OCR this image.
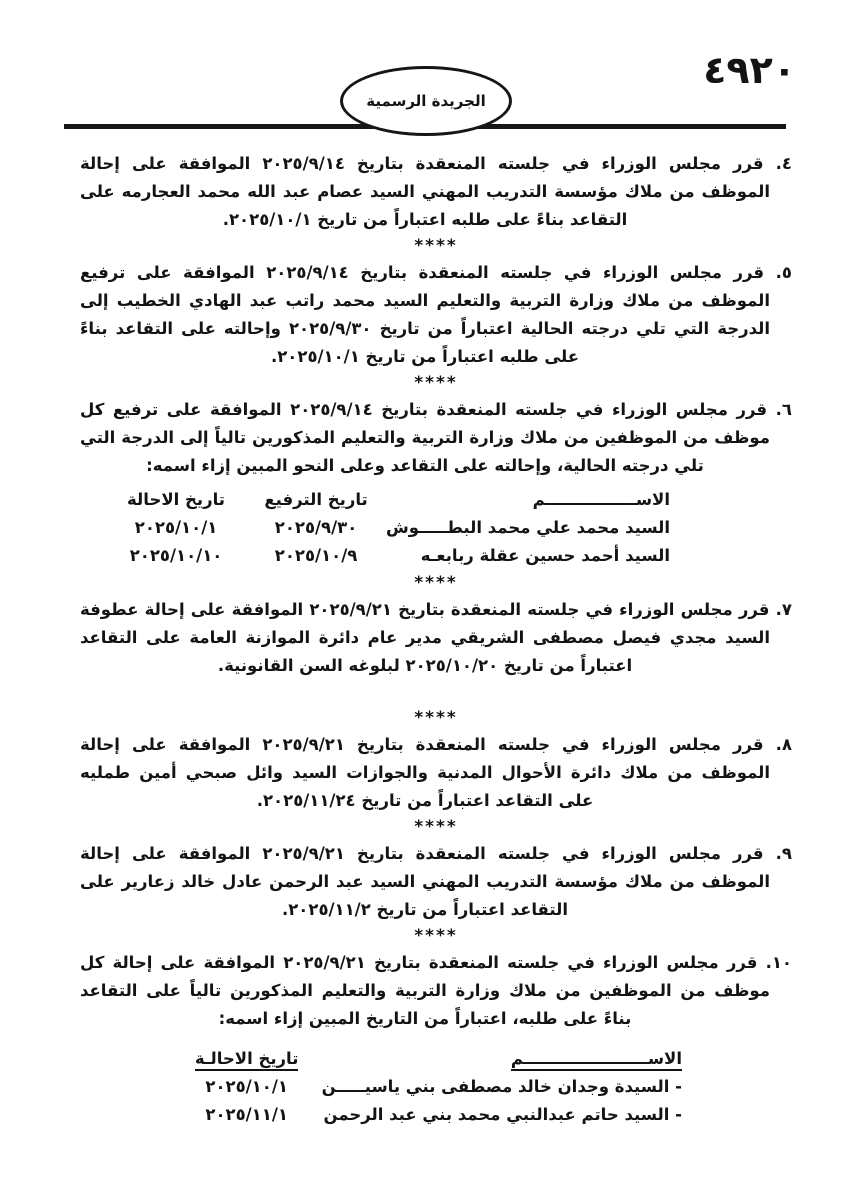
٤٩٢٠
الجريدة الرسمية

٤. قرر مجلس الوزراء في جلسته المنعقدة بتاريخ ٢٠٢٥/٩/١٤ الموافقة على إحالة الموظف من ملاك مؤسسة التدريب المهني السيد عصام عبد الله محمد العجارمه على التقاعد بناءً على طلبه اعتباراً من تاريخ ٢٠٢٥/١٠/١.

****

٥. قرر مجلس الوزراء في جلسته المنعقدة بتاريخ ٢٠٢٥/٩/١٤ الموافقة على ترفيع الموظف من ملاك وزارة التربية والتعليم السيد محمد راتب عبد الهادي الخطيب إلى الدرجة التي تلي درجته الحالية اعتباراً من تاريخ ٢٠٢٥/٩/٣٠ وإحالته على التقاعد بناءً على طلبه اعتباراً من تاريخ ٢٠٢٥/١٠/١.

****

٦. قرر مجلس الوزراء في جلسته المنعقدة بتاريخ ٢٠٢٥/٩/١٤ الموافقة على ترفيع كل موظف من الموظفين من ملاك وزارة التربية والتعليم المذكورين تالياً إلى الدرجة التي تلي درجته الحالية، وإحالته على التقاعد وعلى النحو المبين إزاء اسمه:

الاســــــــــــــــم	تاريخ الترفيع	تاريخ الاحالة
السيد محمد علي محمد البطـــــوش	٢٠٢٥/٩/٣٠	٢٠٢٥/١٠/١
السيد أحمد حسين عقلة ربابعـه	٢٠٢٥/١٠/٩	٢٠٢٥/١٠/١٠
****

٧. قرر مجلس الوزراء في جلسته المنعقدة بتاريخ ٢٠٢٥/٩/٢١ الموافقة على إحالة عطوفة السيد مجدي فيصل مصطفى الشريقي مدير عام دائرة الموازنة العامة على التقاعد اعتباراً من تاريخ ٢٠٢٥/١٠/٢٠ لبلوغه السن القانونية.

****

٨. قرر مجلس الوزراء في جلسته المنعقدة بتاريخ ٢٠٢٥/٩/٢١ الموافقة على إحالة الموظف من ملاك دائرة الأحوال المدنية والجوازات السيد وائل صبحي أمين طمليه على التقاعد اعتباراً من تاريخ ٢٠٢٥/١١/٢٤.

****

٩. قرر مجلس الوزراء في جلسته المنعقدة بتاريخ ٢٠٢٥/٩/٢١ الموافقة على إحالة الموظف من ملاك مؤسسة التدريب المهني السيد عبد الرحمن عادل خالد زعارير على التقاعد اعتباراً من تاريخ ٢٠٢٥/١١/٢.

****

١٠. قرر مجلس الوزراء في جلسته المنعقدة بتاريخ ٢٠٢٥/٩/٢١ الموافقة على إحالة كل موظف من الموظفين من ملاك وزارة التربية والتعليم المذكورين تالياً على التقاعد بناءً على طلبه، اعتباراً من التاريخ المبين إزاء اسمه:

الاســــــــــــــــــــــم	تاريخ الاحالـة
- السيدة وجدان خالد مصطفى بني ياسيـــــن	٢٠٢٥/١٠/١
- السيد حاتم عبدالنبي محمد بني عبد الرحمن	٢٠٢٥/١١/١
